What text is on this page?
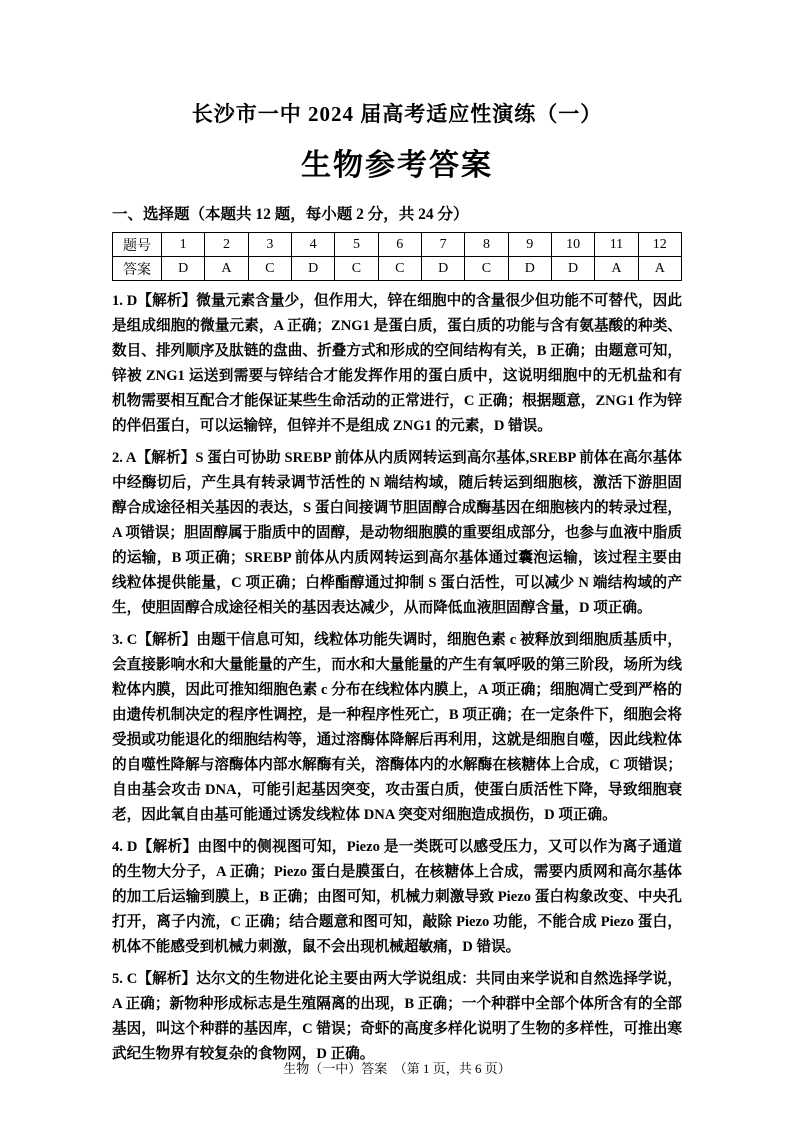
长沙市一中 2024 届高考适应性演练（一）
生物参考答案
一、选择题（本题共 12 题，每小题 2 分，共 24 分）
题号	1	2	3	4	5	6	7	8	9	10	11	12
答案	D	A	C	D	C	C	D	C	D	D	A	A

1. D【解析】微量元素含量少，但作用大，锌在细胞中的含量很少但功能不可替代，因此是组成细胞的微量元素，A 正确；ZNG1 是蛋白质，蛋白质的功能与含有氨基酸的种类、数目、排列顺序及肽链的盘曲、折叠方式和形成的空间结构有关，B 正确；由题意可知，锌被 ZNG1 运送到需要与锌结合才能发挥作用的蛋白质中，这说明细胞中的无机盐和有机物需要相互配合才能保证某些生命活动的正常进行，C 正确；根据题意，ZNG1 作为锌的伴侣蛋白，可以运输锌，但锌并不是组成 ZNG1 的元素，D 错误。

2. A【解析】S 蛋白可协助 SREBP 前体从内质网转运到高尔基体,SREBP 前体在高尔基体中经酶切后，产生具有转录调节活性的 N 端结构域，随后转运到细胞核，激活下游胆固醇合成途径相关基因的表达，S 蛋白间接调节胆固醇合成酶基因在细胞核内的转录过程，A 项错误；胆固醇属于脂质中的固醇，是动物细胞膜的重要组成部分，也参与血液中脂质的运输，B 项正确；SREBP 前体从内质网转运到高尔基体通过囊泡运输，该过程主要由线粒体提供能量，C 项正确；白桦酯醇通过抑制 S 蛋白活性，可以减少 N 端结构域的产生，使胆固醇合成途径相关的基因表达减少，从而降低血液胆固醇含量，D 项正确。

3. C【解析】由题干信息可知，线粒体功能失调时，细胞色素 c 被释放到细胞质基质中，会直接影响水和大量能量的产生，而水和大量能量的产生有氧呼吸的第三阶段，场所为线粒体内膜，因此可推知细胞色素 c 分布在线粒体内膜上，A 项正确；细胞凋亡受到严格的由遗传机制决定的程序性调控，是一种程序性死亡，B 项正确；在一定条件下，细胞会将受损或功能退化的细胞结构等，通过溶酶体降解后再利用，这就是细胞自噬，因此线粒体的自噬性降解与溶酶体内部水解酶有关，溶酶体内的水解酶在核糖体上合成，C 项错误；自由基会攻击 DNA，可能引起基因突变，攻击蛋白质，使蛋白质活性下降，导致细胞衰老，因此氧自由基可能通过诱发线粒体 DNA 突变对细胞造成损伤，D 项正确。

4. D【解析】由图中的侧视图可知，Piezo 是一类既可以感受压力，又可以作为离子通道的生物大分子，A 正确；Piezo 蛋白是膜蛋白，在核糖体上合成，需要内质网和高尔基体的加工后运输到膜上，B 正确；由图可知，机械力刺激导致 Piezo 蛋白构象改变、中央孔打开，离子内流，C 正确；结合题意和图可知，敲除 Piezo 功能，不能合成 Piezo 蛋白，机体不能感受到机械力刺激，鼠不会出现机械超敏痛，D 错误。

5. C【解析】达尔文的生物进化论主要由两大学说组成：共同由来学说和自然选择学说，A 正确；新物种形成标志是生殖隔离的出现，B 正确；一个种群中全部个体所含有的全部基因，叫这个种群的基因库，C 错误；奇虾的高度多样化说明了生物的多样性，可推出寒武纪生物界有较复杂的食物网，D 正确。

生物（一中）答案　（第 1 页，共 6 页）
